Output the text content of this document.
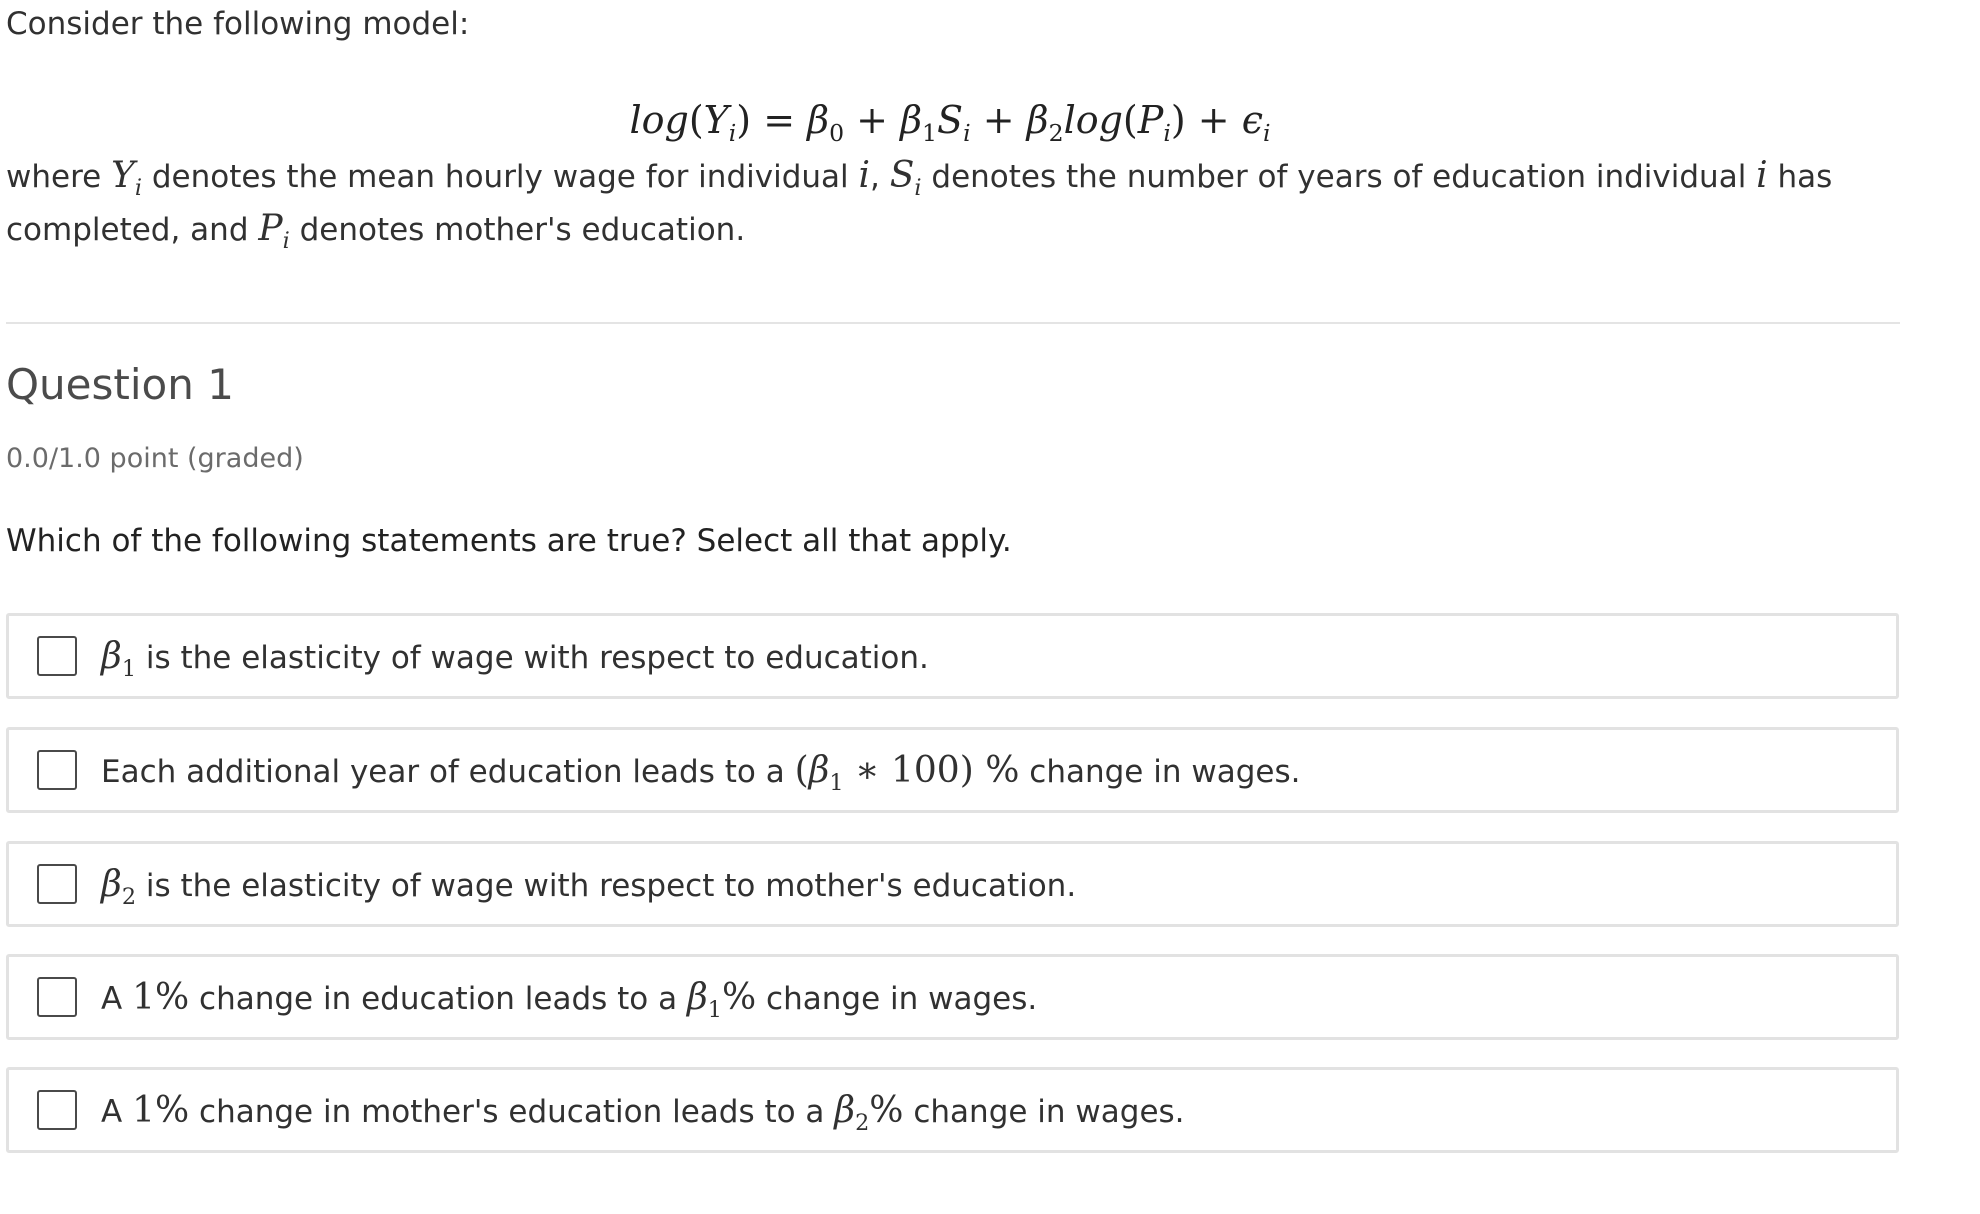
Consider the following model:
$\log(Y_i) = \beta_0 + \beta_1S_i + \beta_2\log(P_i) + \epsilon_i$
where $Y_i$ denotes the mean hourly wage for individual i, $S_i$ denotes the number of years of education individual i has completed, and $P_i$ denotes mother's education.
Question 1
0.0/1.0 point (graded)
Which of the following statements are true? Select all that apply.
$\beta_1$ is the elasticity of wage with respect to education.
Each additional year of education leads to a ($\beta_1$ ∗ 100) % change in wages.
$\beta_2$ is the elasticity of wage with respect to mother's education.
A 1% change in education leads to a $\beta_1\%$ change in wages.
A 1% change in mother's education leads to a $\beta_2\%$ change in wages.
